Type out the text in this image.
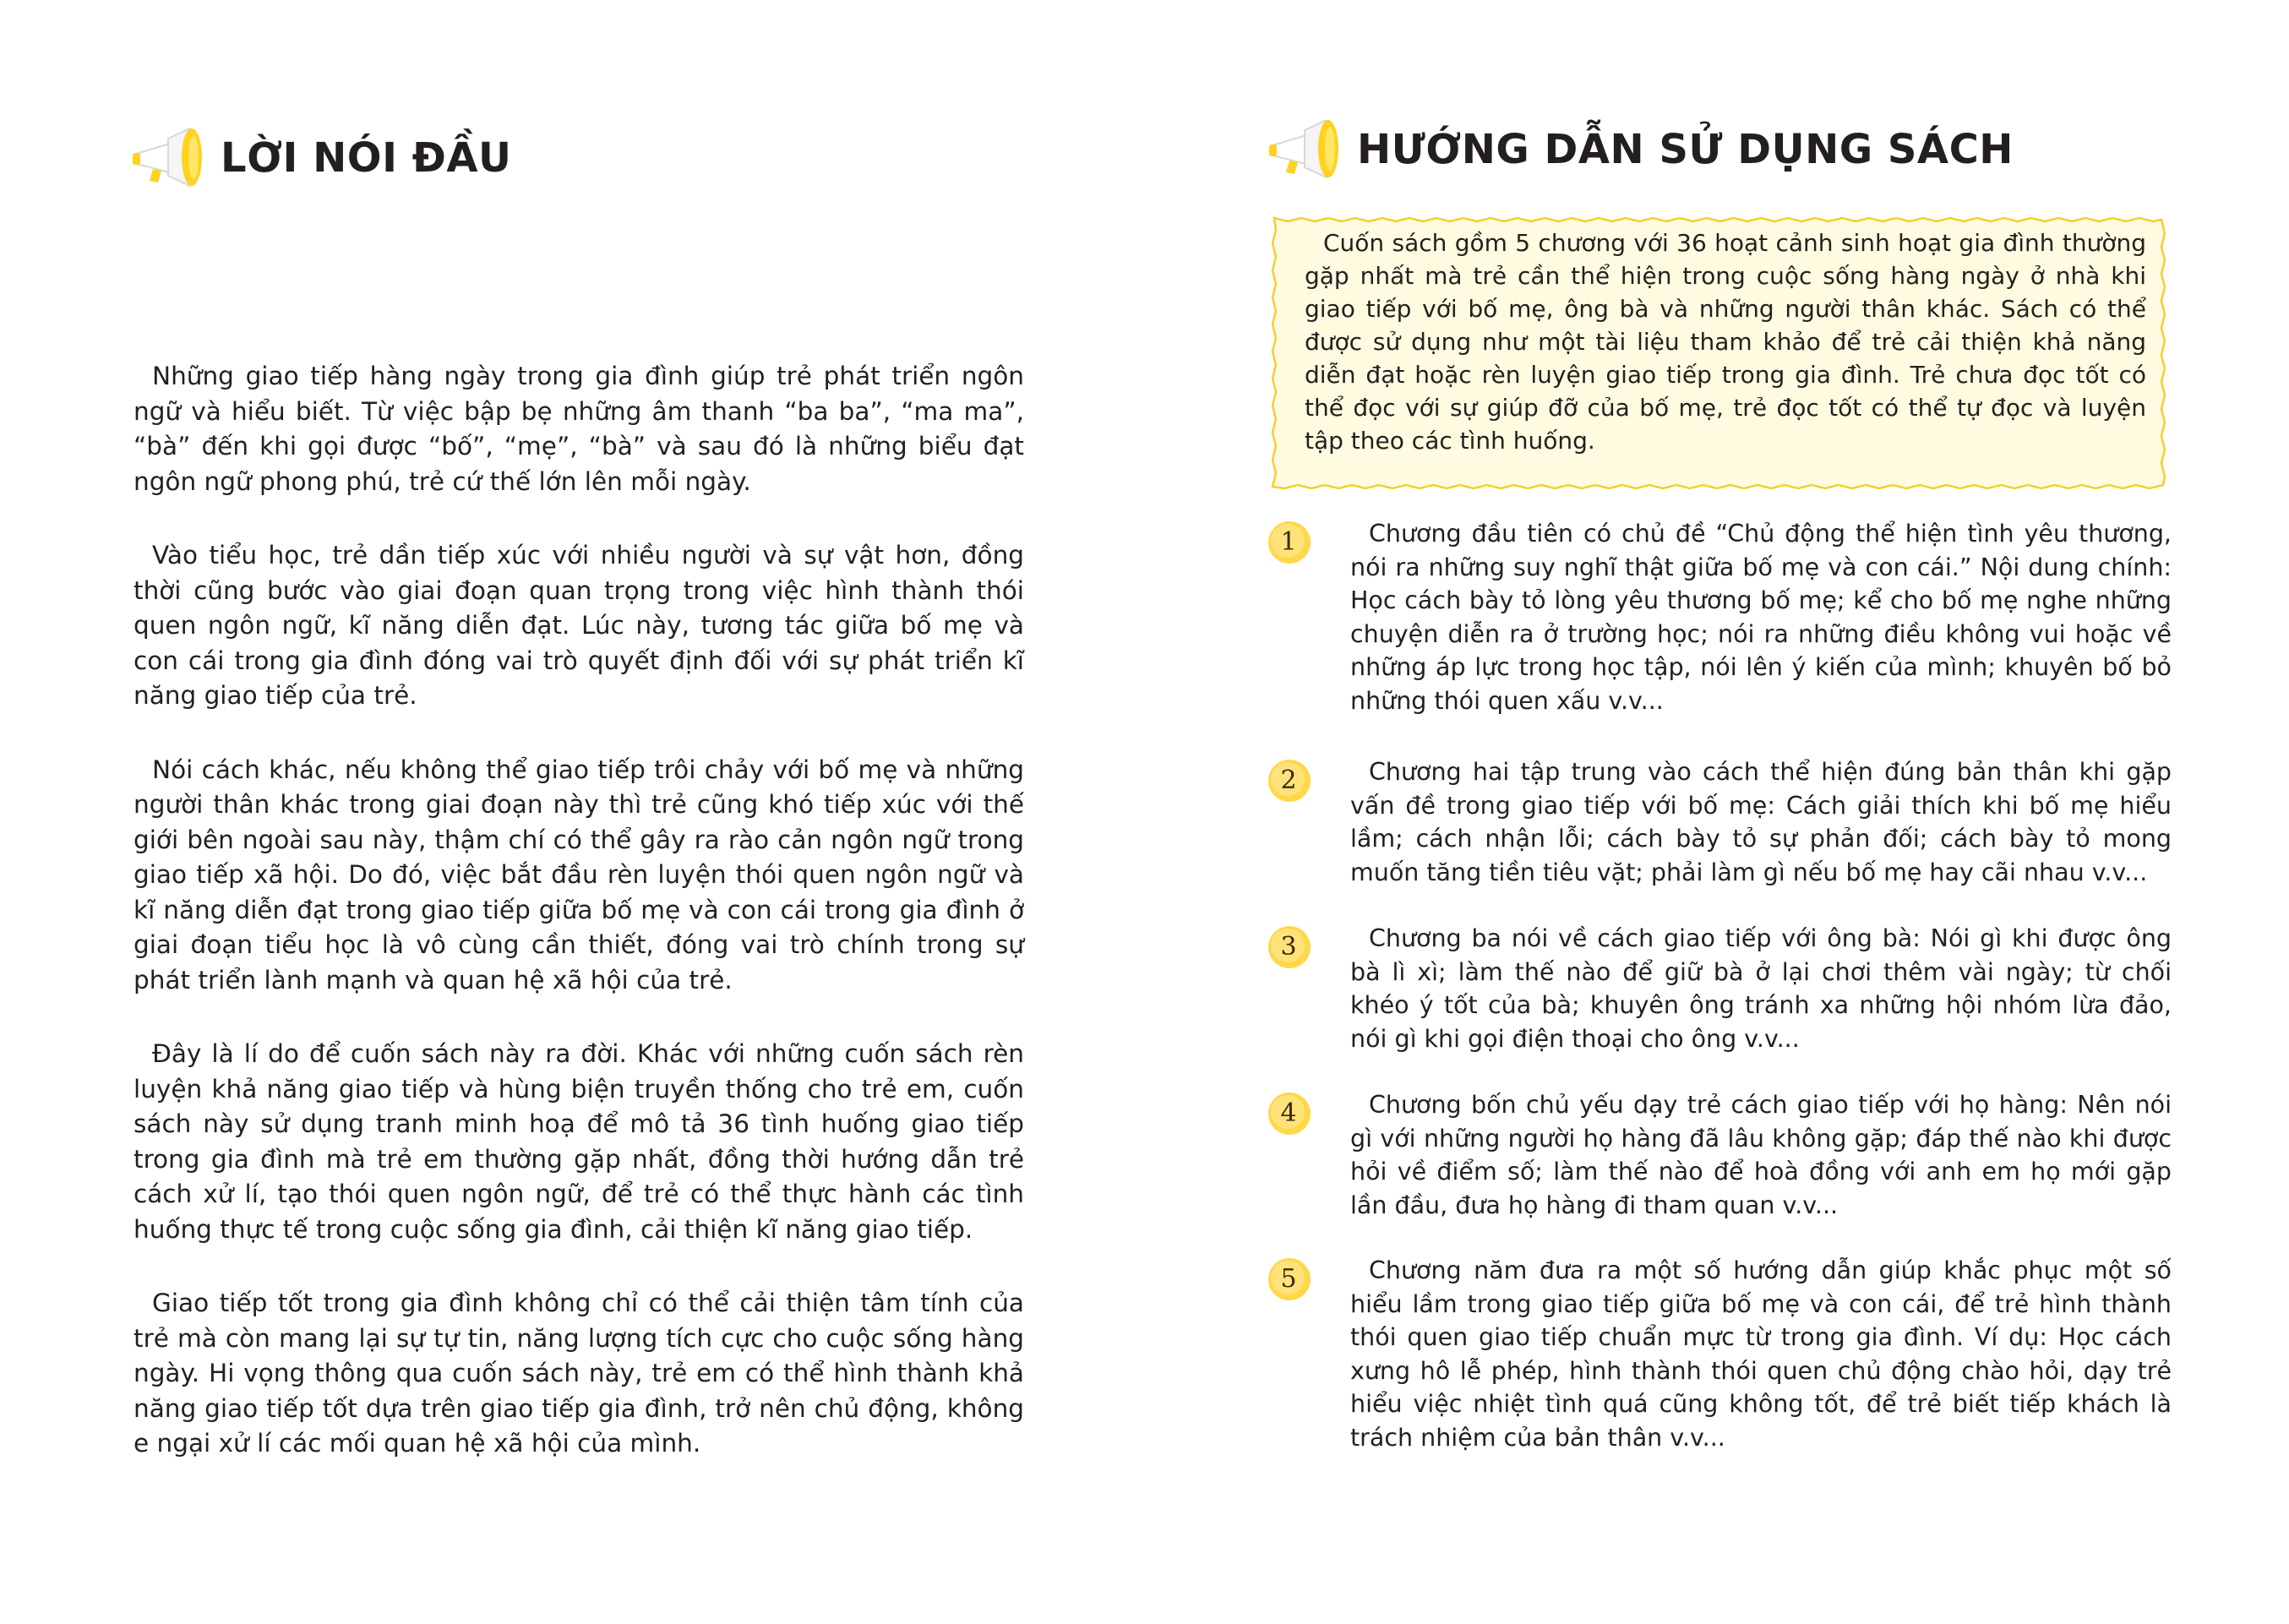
LỜI NÓI ĐẦU

Những giao tiếp hàng ngày trong gia đình giúp trẻ phát triển ngôn ngữ và hiểu biết. Từ việc bập bẹ những âm thanh “ba ba”, “ma ma”, “bà” đến khi gọi được “bố”, “mẹ”, “bà” và sau đó là những biểu đạt ngôn ngữ phong phú, trẻ cứ thế lớn lên mỗi ngày.

Vào tiểu học, trẻ dần tiếp xúc với nhiều người và sự vật hơn, đồng thời cũng bước vào giai đoạn quan trọng trong việc hình thành thói quen ngôn ngữ, kĩ năng diễn đạt. Lúc này, tương tác giữa bố mẹ và con cái trong gia đình đóng vai trò quyết định đối với sự phát triển kĩ năng giao tiếp của trẻ.

Nói cách khác, nếu không thể giao tiếp trôi chảy với bố mẹ và những người thân khác trong giai đoạn này thì trẻ cũng khó tiếp xúc với thế giới bên ngoài sau này, thậm chí có thể gây ra rào cản ngôn ngữ trong giao tiếp xã hội. Do đó, việc bắt đầu rèn luyện thói quen ngôn ngữ và kĩ năng diễn đạt trong giao tiếp giữa bố mẹ và con cái trong gia đình ở giai đoạn tiểu học là vô cùng cần thiết, đóng vai trò chính trong sự phát triển lành mạnh và quan hệ xã hội của trẻ.

Đây là lí do để cuốn sách này ra đời. Khác với những cuốn sách rèn luyện khả năng giao tiếp và hùng biện truyền thống cho trẻ em, cuốn sách này sử dụng tranh minh hoạ để mô tả 36 tình huống giao tiếp trong gia đình mà trẻ em thường gặp nhất, đồng thời hướng dẫn trẻ cách xử lí, tạo thói quen ngôn ngữ, để trẻ có thể thực hành các tình huống thực tế trong cuộc sống gia đình, cải thiện kĩ năng giao tiếp.

Giao tiếp tốt trong gia đình không chỉ có thể cải thiện tâm tính của trẻ mà còn mang lại sự tự tin, năng lượng tích cực cho cuộc sống hàng ngày. Hi vọng thông qua cuốn sách này, trẻ em có thể hình thành khả năng giao tiếp tốt dựa trên giao tiếp gia đình, trở nên chủ động, không e ngại xử lí các mối quan hệ xã hội của mình.

HƯỚNG DẪN SỬ DỤNG SÁCH

Cuốn sách gồm 5 chương với 36 hoạt cảnh sinh hoạt gia đình thường gặp nhất mà trẻ cần thể hiện trong cuộc sống hàng ngày ở nhà khi giao tiếp với bố mẹ, ông bà và những người thân khác. Sách có thể được sử dụng như một tài liệu tham khảo để trẻ cải thiện khả năng diễn đạt hoặc rèn luyện giao tiếp trong gia đình. Trẻ chưa đọc tốt có thể đọc với sự giúp đỡ của bố mẹ, trẻ đọc tốt có thể tự đọc và luyện tập theo các tình huống.

1	Chương đầu tiên có chủ đề “Chủ động thể hiện tình yêu thương, nói ra những suy nghĩ thật giữa bố mẹ và con cái.” Nội dung chính: Học cách bày tỏ lòng yêu thương bố mẹ; kể cho bố mẹ nghe những chuyện diễn ra ở trường học; nói ra những điều không vui hoặc về những áp lực trong học tập, nói lên ý kiến của mình; khuyên bố bỏ những thói quen xấu v.v...

2	Chương hai tập trung vào cách thể hiện đúng bản thân khi gặp vấn đề trong giao tiếp với bố mẹ: Cách giải thích khi bố mẹ hiểu lầm; cách nhận lỗi; cách bày tỏ sự phản đối; cách bày tỏ mong muốn tăng tiền tiêu vặt; phải làm gì nếu bố mẹ hay cãi nhau v.v...

3	Chương ba nói về cách giao tiếp với ông bà: Nói gì khi được ông bà lì xì; làm thế nào để giữ bà ở lại chơi thêm vài ngày; từ chối khéo ý tốt của bà; khuyên ông tránh xa những hội nhóm lừa đảo, nói gì khi gọi điện thoại cho ông v.v...

4	Chương bốn chủ yếu dạy trẻ cách giao tiếp với họ hàng: Nên nói gì với những người họ hàng đã lâu không gặp; đáp thế nào khi được hỏi về điểm số; làm thế nào để hoà đồng với anh em họ mới gặp lần đầu, đưa họ hàng đi tham quan v.v...

5	Chương năm đưa ra một số hướng dẫn giúp khắc phục một số hiểu lầm trong giao tiếp giữa bố mẹ và con cái, để trẻ hình thành thói quen giao tiếp chuẩn mực từ trong gia đình. Ví dụ: Học cách xưng hô lễ phép, hình thành thói quen chủ động chào hỏi, dạy trẻ hiểu việc nhiệt tình quá cũng không tốt, để trẻ biết tiếp khách là trách nhiệm của bản thân v.v...
